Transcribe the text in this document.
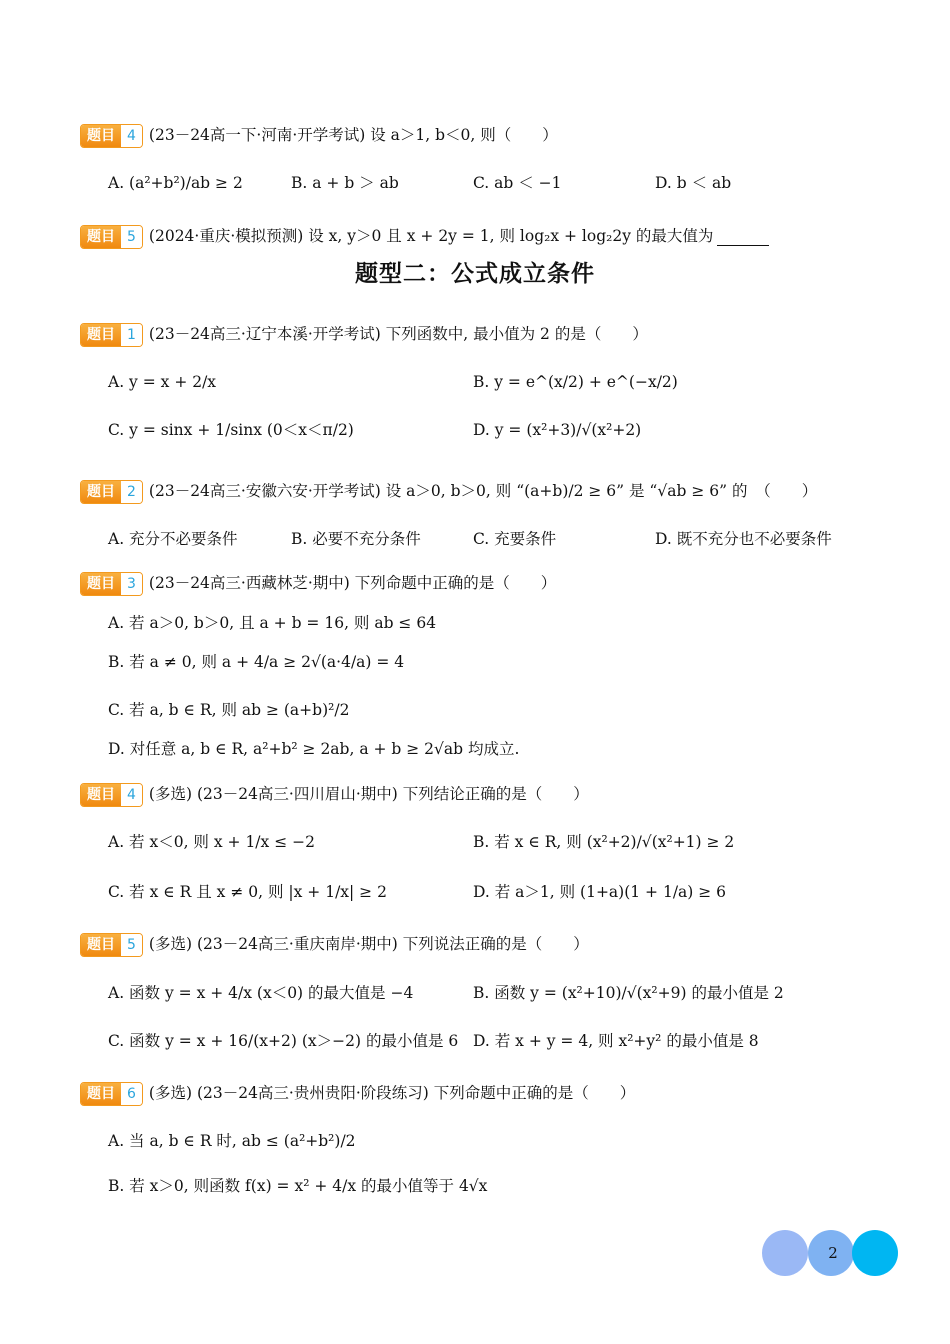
题目 4 (23－24高一下·河南·开学考试) 设 a＞1, b＜0, 则（　　）
A. (a²+b²)/ab ≥ 2	B. a + b ＞ ab	C. ab ＜ −1	D. b ＜ ab
题目 5 (2024·重庆·模拟预测) 设 x, y＞0 且 x + 2y = 1, 则 log₂x + log₂2y 的最大值为
题型二：公式成立条件
题目 1 (23－24高三·辽宁本溪·开学考试) 下列函数中, 最小值为 2 的是（　　）
A. y = x + 2/x	B. y = e^(x/2) + e^(−x/2)
C. y = sinx + 1/sinx (0＜x＜π/2)	D. y = (x²+3)/√(x²+2)
题目 2 (23－24高三·安徽六安·开学考试) 设 a＞0, b＞0, 则 “(a+b)/2 ≥ 6” 是 “√ab ≥ 6” 的　（　　）
A. 充分不必要条件	B. 必要不充分条件	C. 充要条件	D. 既不充分也不必要条件
题目 3 (23－24高三·西藏林芝·期中) 下列命题中正确的是（　　）
A. 若 a＞0, b＞0, 且 a + b = 16, 则 ab ≤ 64
B. 若 a ≠ 0, 则 a + 4/a ≥ 2√(a·4/a) = 4
C. 若 a, b ∈ R, 则 ab ≥ (a+b)²/2
D. 对任意 a, b ∈ R, a²+b² ≥ 2ab, a + b ≥ 2√ab 均成立.
题目 4 (多选) (23－24高三·四川眉山·期中) 下列结论正确的是（　　）
A. 若 x＜0, 则 x + 1/x ≤ −2	B. 若 x ∈ R, 则 (x²+2)/√(x²+1) ≥ 2
C. 若 x ∈ R 且 x ≠ 0, 则 |x + 1/x| ≥ 2	D. 若 a＞1, 则 (1+a)(1 + 1/a) ≥ 6
题目 5 (多选) (23－24高三·重庆南岸·期中) 下列说法正确的是（　　）
A. 函数 y = x + 4/x (x＜0) 的最大值是 −4	B. 函数 y = (x²+10)/√(x²+9) 的最小值是 2
C. 函数 y = x + 16/(x+2) (x＞−2) 的最小值是 6 D. 若 x + y = 4, 则 x²+y² 的最小值是 8
题目 6 (多选) (23－24高三·贵州贵阳·阶段练习) 下列命题中正确的是（　　）
A. 当 a, b ∈ R 时, ab ≤ (a²+b²)/2
B. 若 x＞0, 则函数 f(x) = x² + 4/x 的最小值等于 4√x
2
